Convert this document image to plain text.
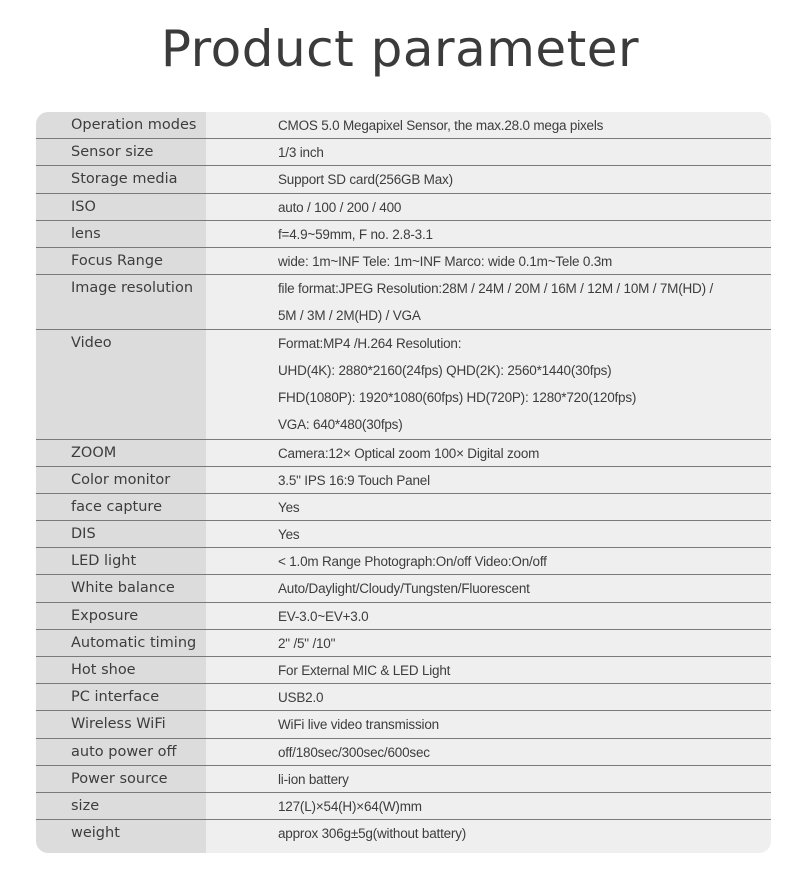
Product parameter
Operation modes	CMOS 5.0 Megapixel Sensor, the max.28.0 mega pixels
Sensor size	1/3 inch
Storage media	Support SD card(256GB Max)
ISO	auto / 100 / 200 / 400
lens	f=4.9~59mm, F no. 2.8-3.1
Focus Range	wide: 1m~INF Tele: 1m~INF Marco: wide 0.1m~Tele 0.3m
Image resolution	file format:JPEG Resolution:28M / 24M / 20M / 16M / 12M / 10M / 7M(HD) /
5M / 3M / 2M(HD) / VGA
Video	Format:MP4 /H.264 Resolution:
UHD(4K): 2880*2160(24fps) QHD(2K): 2560*1440(30fps)
FHD(1080P): 1920*1080(60fps) HD(720P): 1280*720(120fps)
VGA: 640*480(30fps)
ZOOM	Camera:12× Optical zoom 100× Digital zoom
Color monitor	3.5" IPS 16:9 Touch Panel
face capture	Yes
DIS	Yes
LED light	< 1.0m Range Photograph:On/off Video:On/off
White balance	Auto/Daylight/Cloudy/Tungsten/Fluorescent
Exposure	EV-3.0~EV+3.0
Automatic timing	2" /5" /10"
Hot shoe	For External MIC & LED Light
PC interface	USB2.0
Wireless WiFi	WiFi live video transmission
auto power off	off/180sec/300sec/600sec
Power source	li-ion battery
size	127(L)×54(H)×64(W)mm
weight	approx 306g±5g(without battery)
